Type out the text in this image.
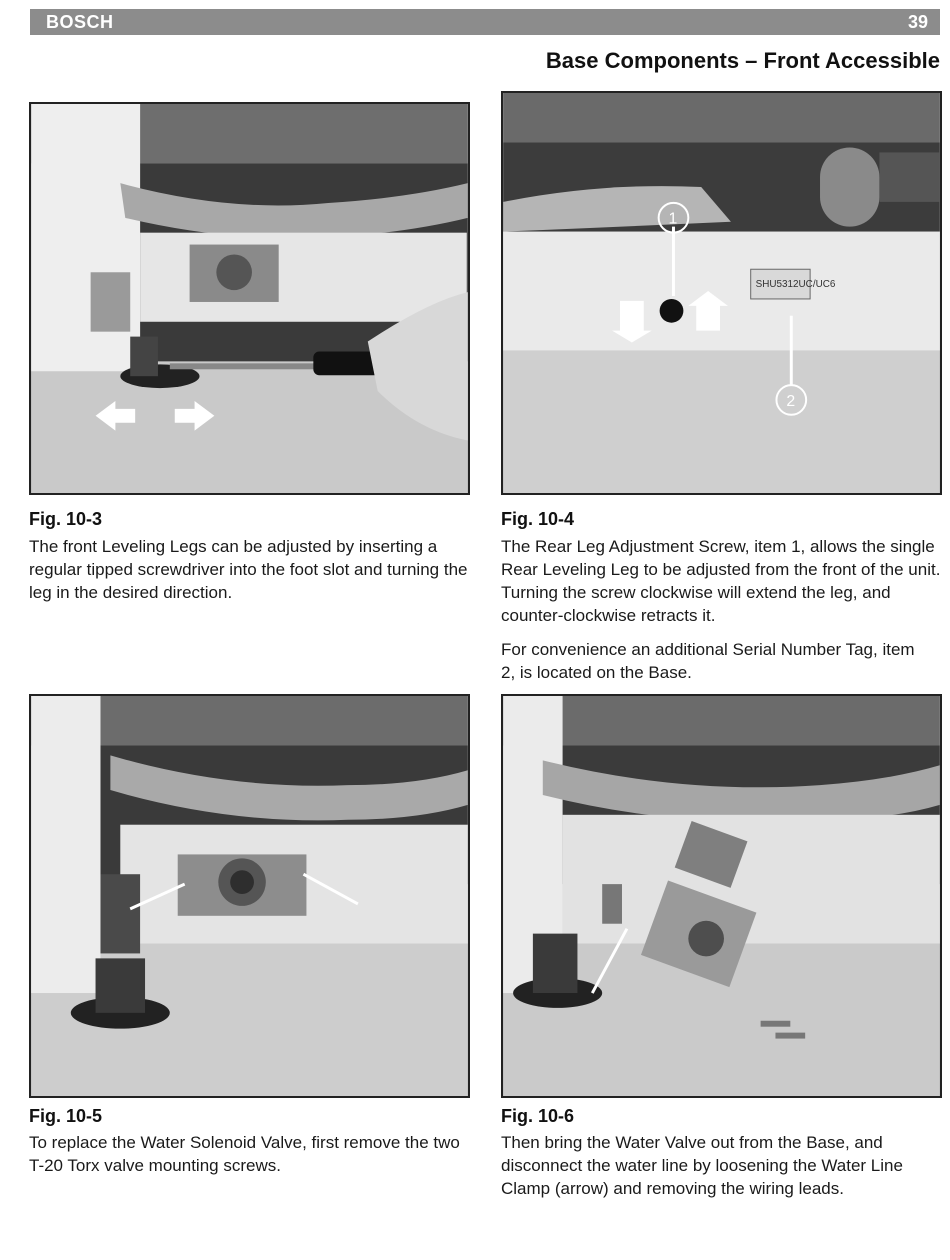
BOSCH	39
Base Components – Front Accessible
Fig. 10-3
The front Leveling Legs can be adjusted by inserting a regular tipped screwdriver into the foot slot and turning the leg in the desired direction.
SHU5312UC/UC6
1
2
Fig. 10-4
The Rear Leg Adjustment Screw, item 1, allows the single Rear Leveling Leg to be adjusted from the front of the unit. Turning the screw clockwise will extend the leg, and counter-clockwise retracts it.
For convenience an additional Serial Number Tag, item 2, is located on the Base.
Fig. 10-5
To replace the Water Solenoid Valve, first remove the two T-20 Torx valve mounting screws.
Fig. 10-6
Then bring the Water Valve out from the Base, and disconnect the water line by loosening the Water Line Clamp (arrow) and removing the wiring leads.
